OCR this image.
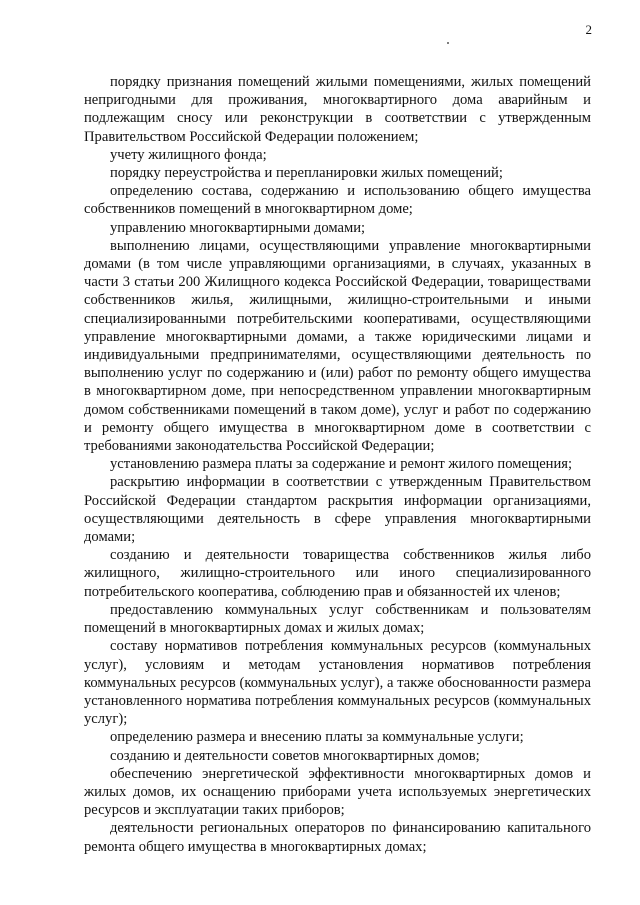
2

порядку признания помещений жилыми помещениями, жилых помещений непригодными для проживания, многоквартирного дома аварийным и подлежащим сносу или реконструкции в соответствии с утвержденным Правительством Российской Федерации положением;

учету жилищного фонда;

порядку переустройства и перепланировки жилых помещений;

определению состава, содержанию и использованию общего имущества собственников помещений в многоквартирном доме;

управлению многоквартирными домами;

выполнению лицами, осуществляющими управление многоквартирными домами (в том числе управляющими организациями, в случаях, указанных в части 3 статьи 200 Жилищного кодекса Российской Федерации, товариществами собственников жилья, жилищными, жилищно-строительными и иными специализированными потребительскими кооперативами, осуществляющими управление многоквартирными домами, а также юридическими лицами и индивидуальными предпринимателями, осуществляющими деятельность по выполнению услуг по содержанию и (или) работ по ремонту общего имущества в многоквартирном доме, при непосредственном управлении многоквартирным домом собственниками помещений в таком доме), услуг и работ по содержанию и ремонту общего имущества в многоквартирном доме в соответствии с требованиями законодательства Российской Федерации;

установлению размера платы за содержание и ремонт жилого помещения;

раскрытию информации в соответствии с утвержденным Правительством Российской Федерации стандартом раскрытия информации организациями, осуществляющими деятельность в сфере управления многоквартирными домами;

созданию и деятельности товарищества собственников жилья либо жилищного, жилищно-строительного или иного специализированного потребительского кооператива, соблюдению прав и обязанностей их членов;

предоставлению коммунальных услуг собственникам и пользователям помещений в многоквартирных домах и жилых домах;

составу нормативов потребления коммунальных ресурсов (коммунальных услуг), условиям и методам установления нормативов потребления коммунальных ресурсов (коммунальных услуг), а также обоснованности размера установленного норматива потребления коммунальных ресурсов (коммунальных услуг);

определению размера и внесению платы за коммунальные услуги;

созданию и деятельности советов многоквартирных домов;

обеспечению энергетической эффективности многоквартирных домов и жилых домов, их оснащению приборами учета используемых энергетических ресурсов и эксплуатации таких приборов;

деятельности региональных операторов по финансированию капитального ремонта общего имущества в многоквартирных домах;
